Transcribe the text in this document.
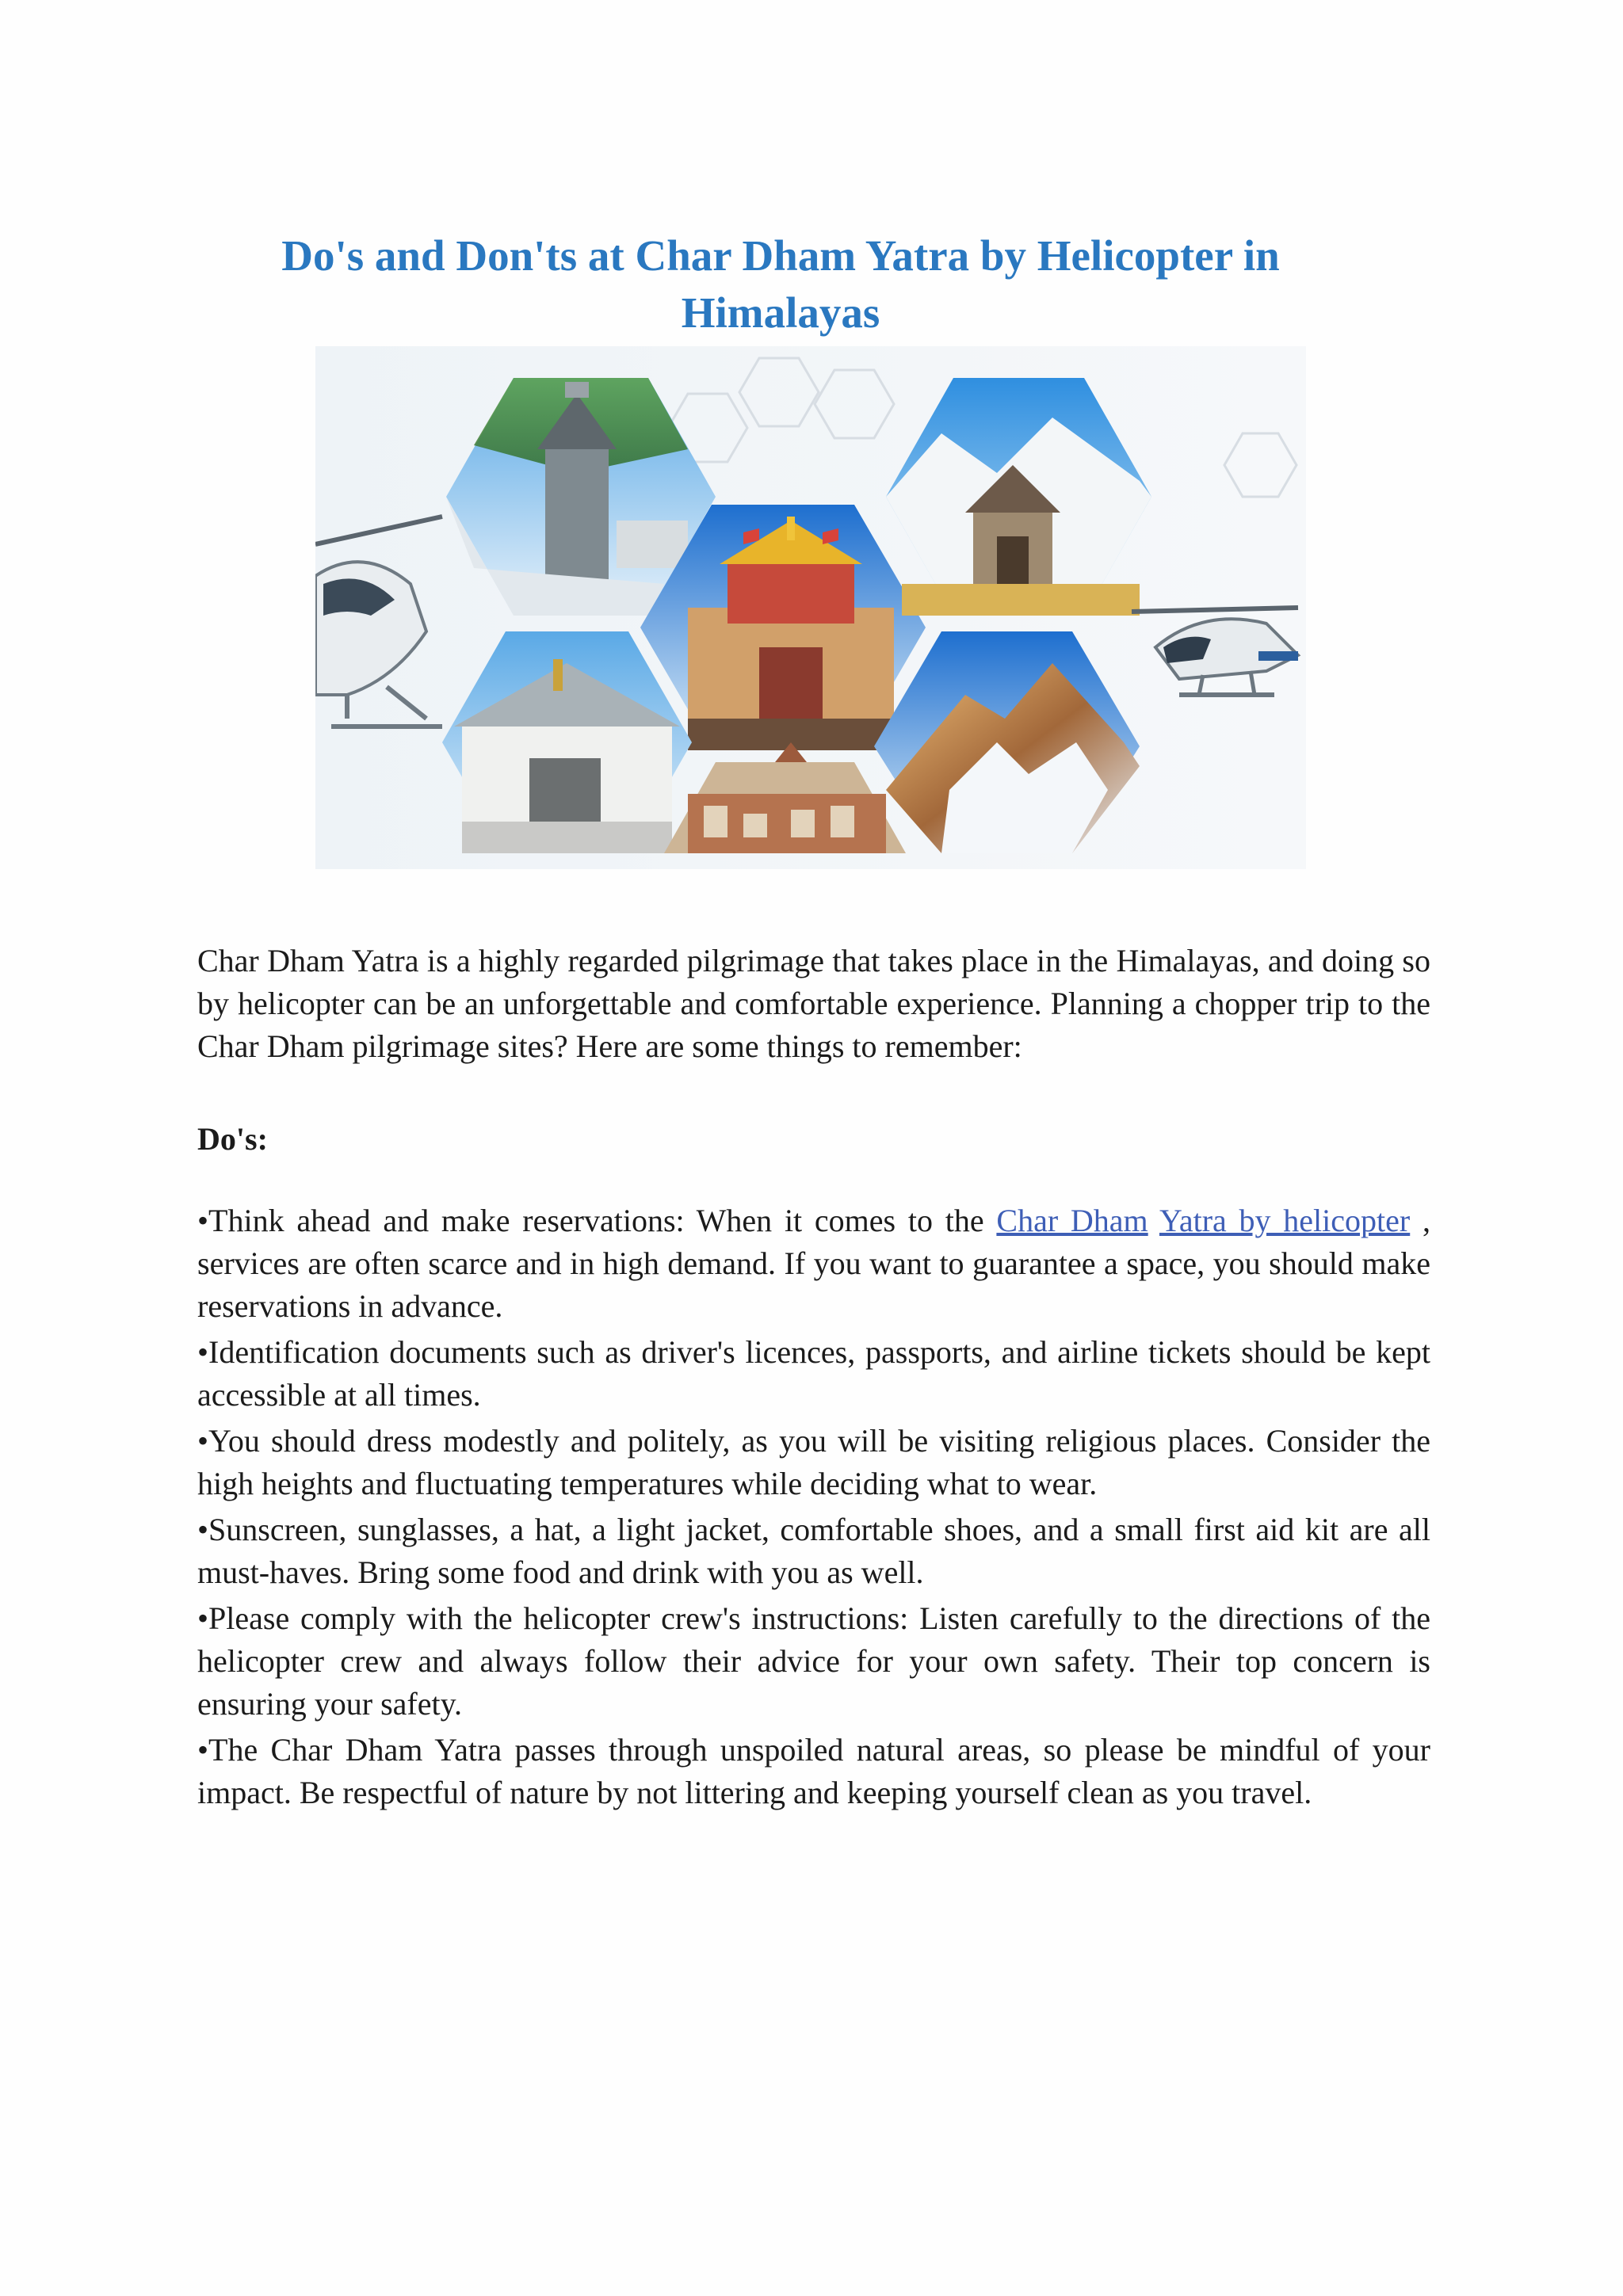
Do's and Don'ts at Char Dham Yatra by Helicopter in Himalayas

Char Dham Yatra is a highly regarded pilgrimage that takes place in the Himalayas, and doing so by helicopter can be an unforgettable and comfortable experience. Planning a chopper trip to the Char Dham pilgrimage sites? Here are some things to remember:

Do's:
•Think ahead and make reservations: When it comes to the Char Dham Yatra by helicopter , services are often scarce and in high demand. If you want to guarantee a space, you should make reservations in advance.
•Identification documents such as driver's licences, passports, and airline tickets should be kept accessible at all times.
•You should dress modestly and politely, as you will be visiting religious places. Consider the high heights and fluctuating temperatures while deciding what to wear.
•Sunscreen, sunglasses, a hat, a light jacket, comfortable shoes, and a small first aid kit are all must-haves. Bring some food and drink with you as well.
•Please comply with the helicopter crew's instructions: Listen carefully to the directions of the helicopter crew and always follow their advice for your own safety. Their top concern is ensuring your safety.
•The Char Dham Yatra passes through unspoiled natural areas, so please be mindful of your impact. Be respectful of nature by not littering and keeping yourself clean as you travel.
